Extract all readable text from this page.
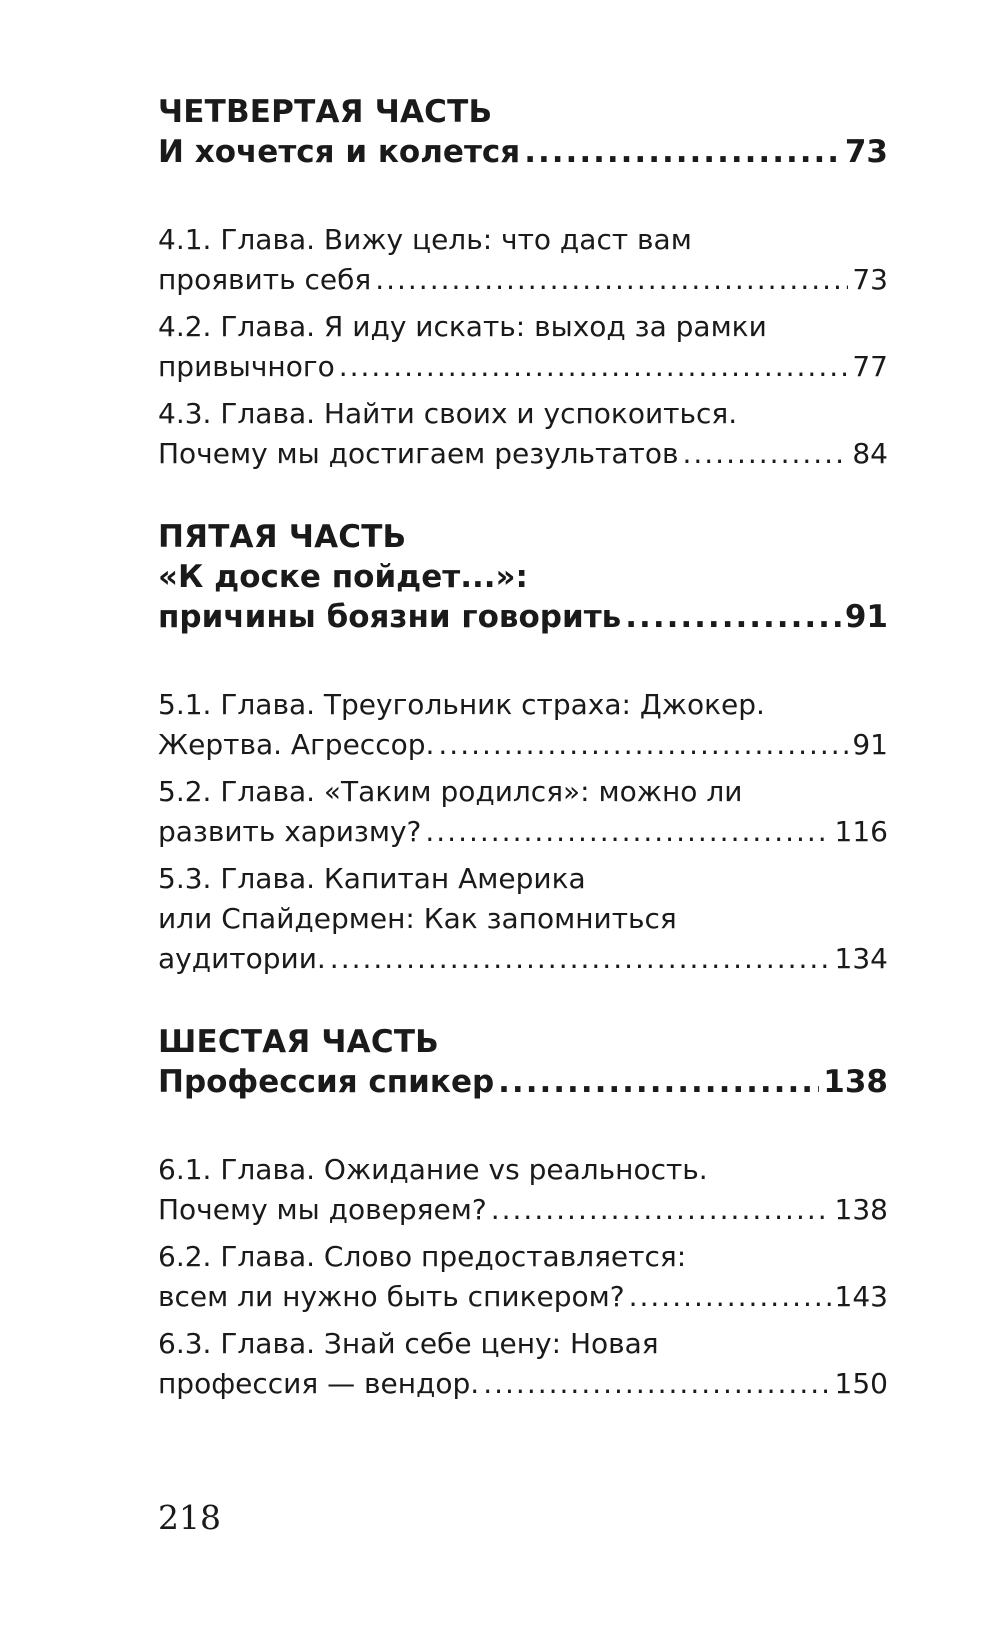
ЧЕТВЕРТАЯ ЧАСТЬ
И хочется и колется .....	73
4.1. Глава. Вижу цель: что даст вам
проявить себя .....	73
4.2. Глава. Я иду искать: выход за рамки
привычного .....	77
4.3. Глава. Найти своих и успокоиться.
Почему мы достигаем результатов .....	84
ПЯТАЯ ЧАСТЬ
«К доске пойдет...»:
причины боязни говорить .....	91
5.1. Глава. Треугольник страха: Джокер.
Жертва. Агрессор. .....	91
5.2. Глава. «Таким родился»: можно ли
развить харизму? .....	116
5.3. Глава. Капитан Америка
или Спайдермен: Как запомниться
аудитории. .....	134
ШЕСТАЯ ЧАСТЬ
Профессия спикер .....	138
6.1. Глава. Ожидание vs реальность.
Почему мы доверяем? .....	138
6.2. Глава. Слово предоставляется:
всем ли нужно быть спикером? .....	143
6.3. Глава. Знай себе цену: Новая
профессия — вендор. .....	150
218
